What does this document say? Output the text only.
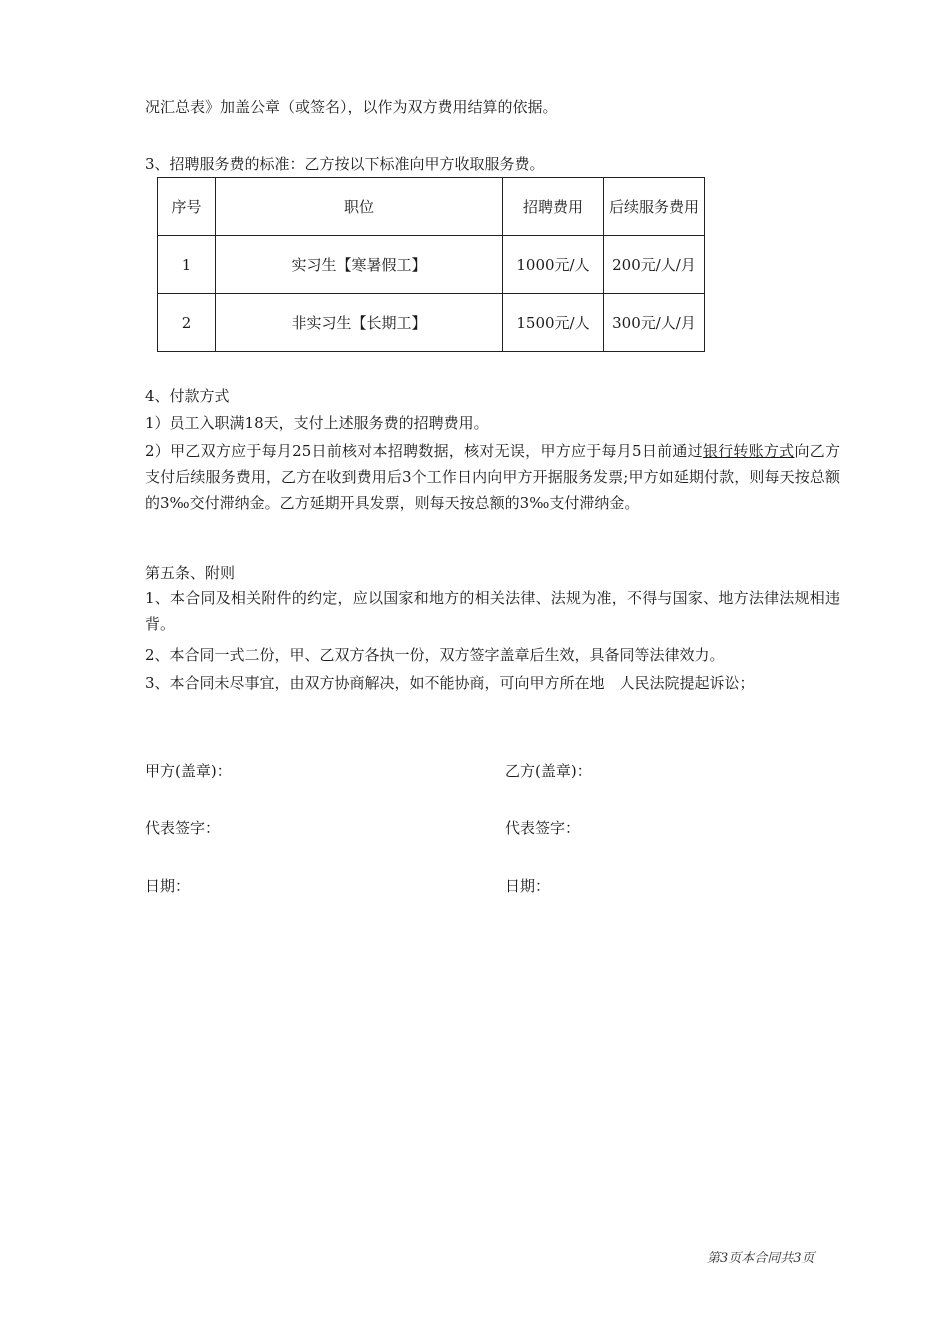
况汇总表》加盖公章（或签名），以作为双方费用结算的依据。
3、招聘服务费的标准：乙方按以下标准向甲方收取服务费。
序号	职位	招聘费用	后续服务费用
1	实习生【寒暑假工】	1000元/人	200元/人/月
2	非实习生【长期工】	1500元/人	300元/人/月
4、付款方式
1）员工入职满18天，支付上述服务费的招聘费用。
2）甲乙双方应于每月25日前核对本招聘数据，核对无误，甲方应于每月5日前通过银行转账方式向乙方支付后续服务费用，乙方在收到费用后3个工作日内向甲方开据服务发票;甲方如延期付款，则每天按总额的3‰交付滞纳金。乙方延期开具发票，则每天按总额的3‰支付滞纳金。
第五条、附则
1、本合同及相关附件的约定，应以国家和地方的相关法律、法规为准，不得与国家、地方法律法规相违背。
2、本合同一式二份，甲、乙双方各执一份，双方签字盖章后生效，具备同等法律效力。
3、本合同未尽事宜，由双方协商解决，如不能协商，可向甲方所在地　人民法院提起诉讼；
甲方(盖章)：	乙方(盖章)：
代表签字：	代表签字：
日期：	日期：
第3页本合同共3页
